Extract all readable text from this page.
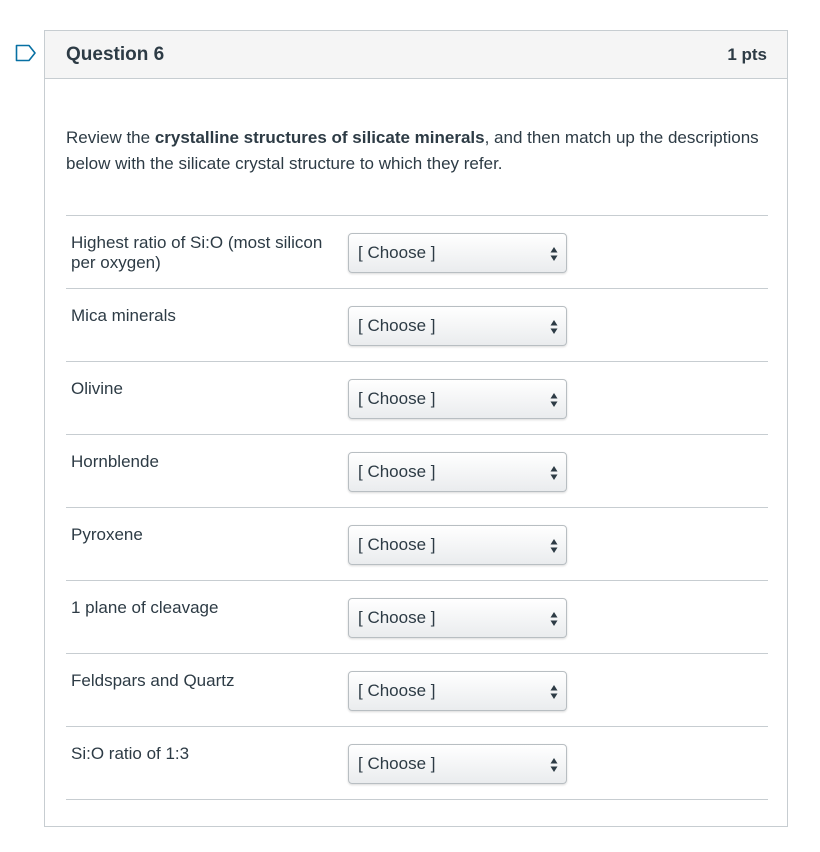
Question 6	1 pts
Review the crystalline structures of silicate minerals, and then match up the descriptions below with the silicate crystal structure to which they refer.
Highest ratio of Si:O (most silicon per oxygen)
[ Choose ]
Mica minerals
[ Choose ]
Olivine
[ Choose ]
Hornblende
[ Choose ]
Pyroxene
[ Choose ]
1 plane of cleavage
[ Choose ]
Feldspars and Quartz
[ Choose ]
Si:O ratio of 1:3
[ Choose ]
